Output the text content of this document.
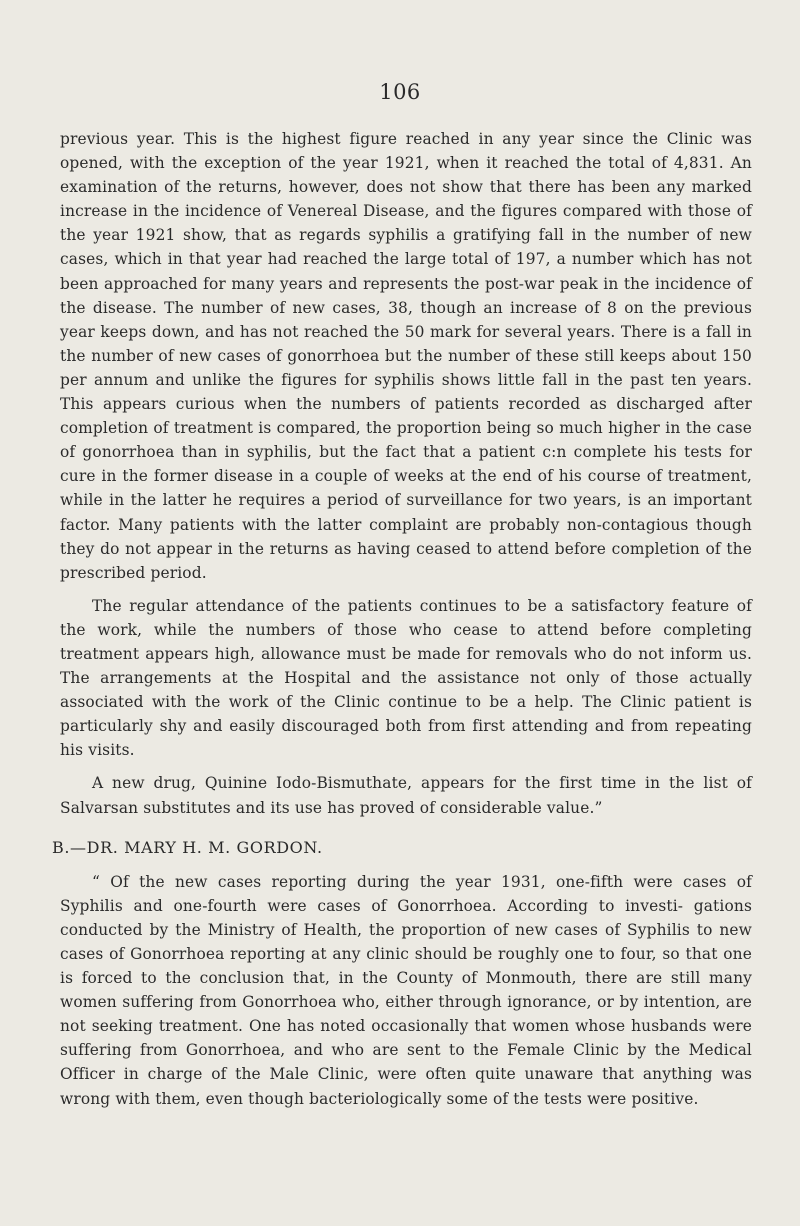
106

previous year. This is the highest figure reached in any year since the Clinic was opened, with the exception of the year 1921, when it reached the total of 4,831. An examination of the returns, however, does not show that there has been any marked increase in the incidence of Venereal Disease, and the figures compared with those of the year 1921 show, that as regards syphilis a gratifying fall in the number of new cases, which in that year had reached the large total of 197, a number which has not been approached for many years and represents the post-war peak in the incidence of the disease. The number of new cases, 38, though an increase of 8 on the previous year keeps down, and has not reached the 50 mark for several years. There is a fall in the number of new cases of gonorrhoea but the number of these still keeps about 150 per annum and unlike the figures for syphilis shows little fall in the past ten years. This appears curious when the numbers of patients recorded as discharged after completion of treatment is compared, the proportion being so much higher in the case of gonorrhoea than in syphilis, but the fact that a patient c:n complete his tests for cure in the former disease in a couple of weeks at the end of his course of treatment, while in the latter he requires a period of surveillance for two years, is an important factor. Many patients with the latter complaint are probably non-contagious though they do not appear in the returns as having ceased to attend before completion of the prescribed period.

The regular attendance of the patients continues to be a satisfactory feature of the work, while the numbers of those who cease to attend before completing treatment appears high, allowance must be made for removals who do not inform us. The arrangements at the Hospital and the assistance not only of those actually associated with the work of the Clinic continue to be a help. The Clinic patient is particularly shy and easily discouraged both from first attending and from repeating his visits.

A new drug, Quinine Iodo-Bismuthate, appears for the first time in the list of Salvarsan substitutes and its use has proved of considerable value.”

B.—DR. MARY H. M. GORDON.

“ Of the new cases reporting during the year 1931, one-fifth were cases of Syphilis and one-fourth were cases of Gonorrhoea. According to investi- gations conducted by the Ministry of Health, the proportion of new cases of Syphilis to new cases of Gonorrhoea reporting at any clinic should be roughly one to four, so that one is forced to the conclusion that, in the County of Monmouth, there are still many women suffering from Gonorrhoea who, either through ignorance, or by intention, are not seeking treatment. One has noted occasionally that women whose husbands were suffering from Gonorrhoea, and who are sent to the Female Clinic by the Medical Officer in charge of the Male Clinic, were often quite unaware that anything was wrong with them, even though bacteriologically some of the tests were positive.
